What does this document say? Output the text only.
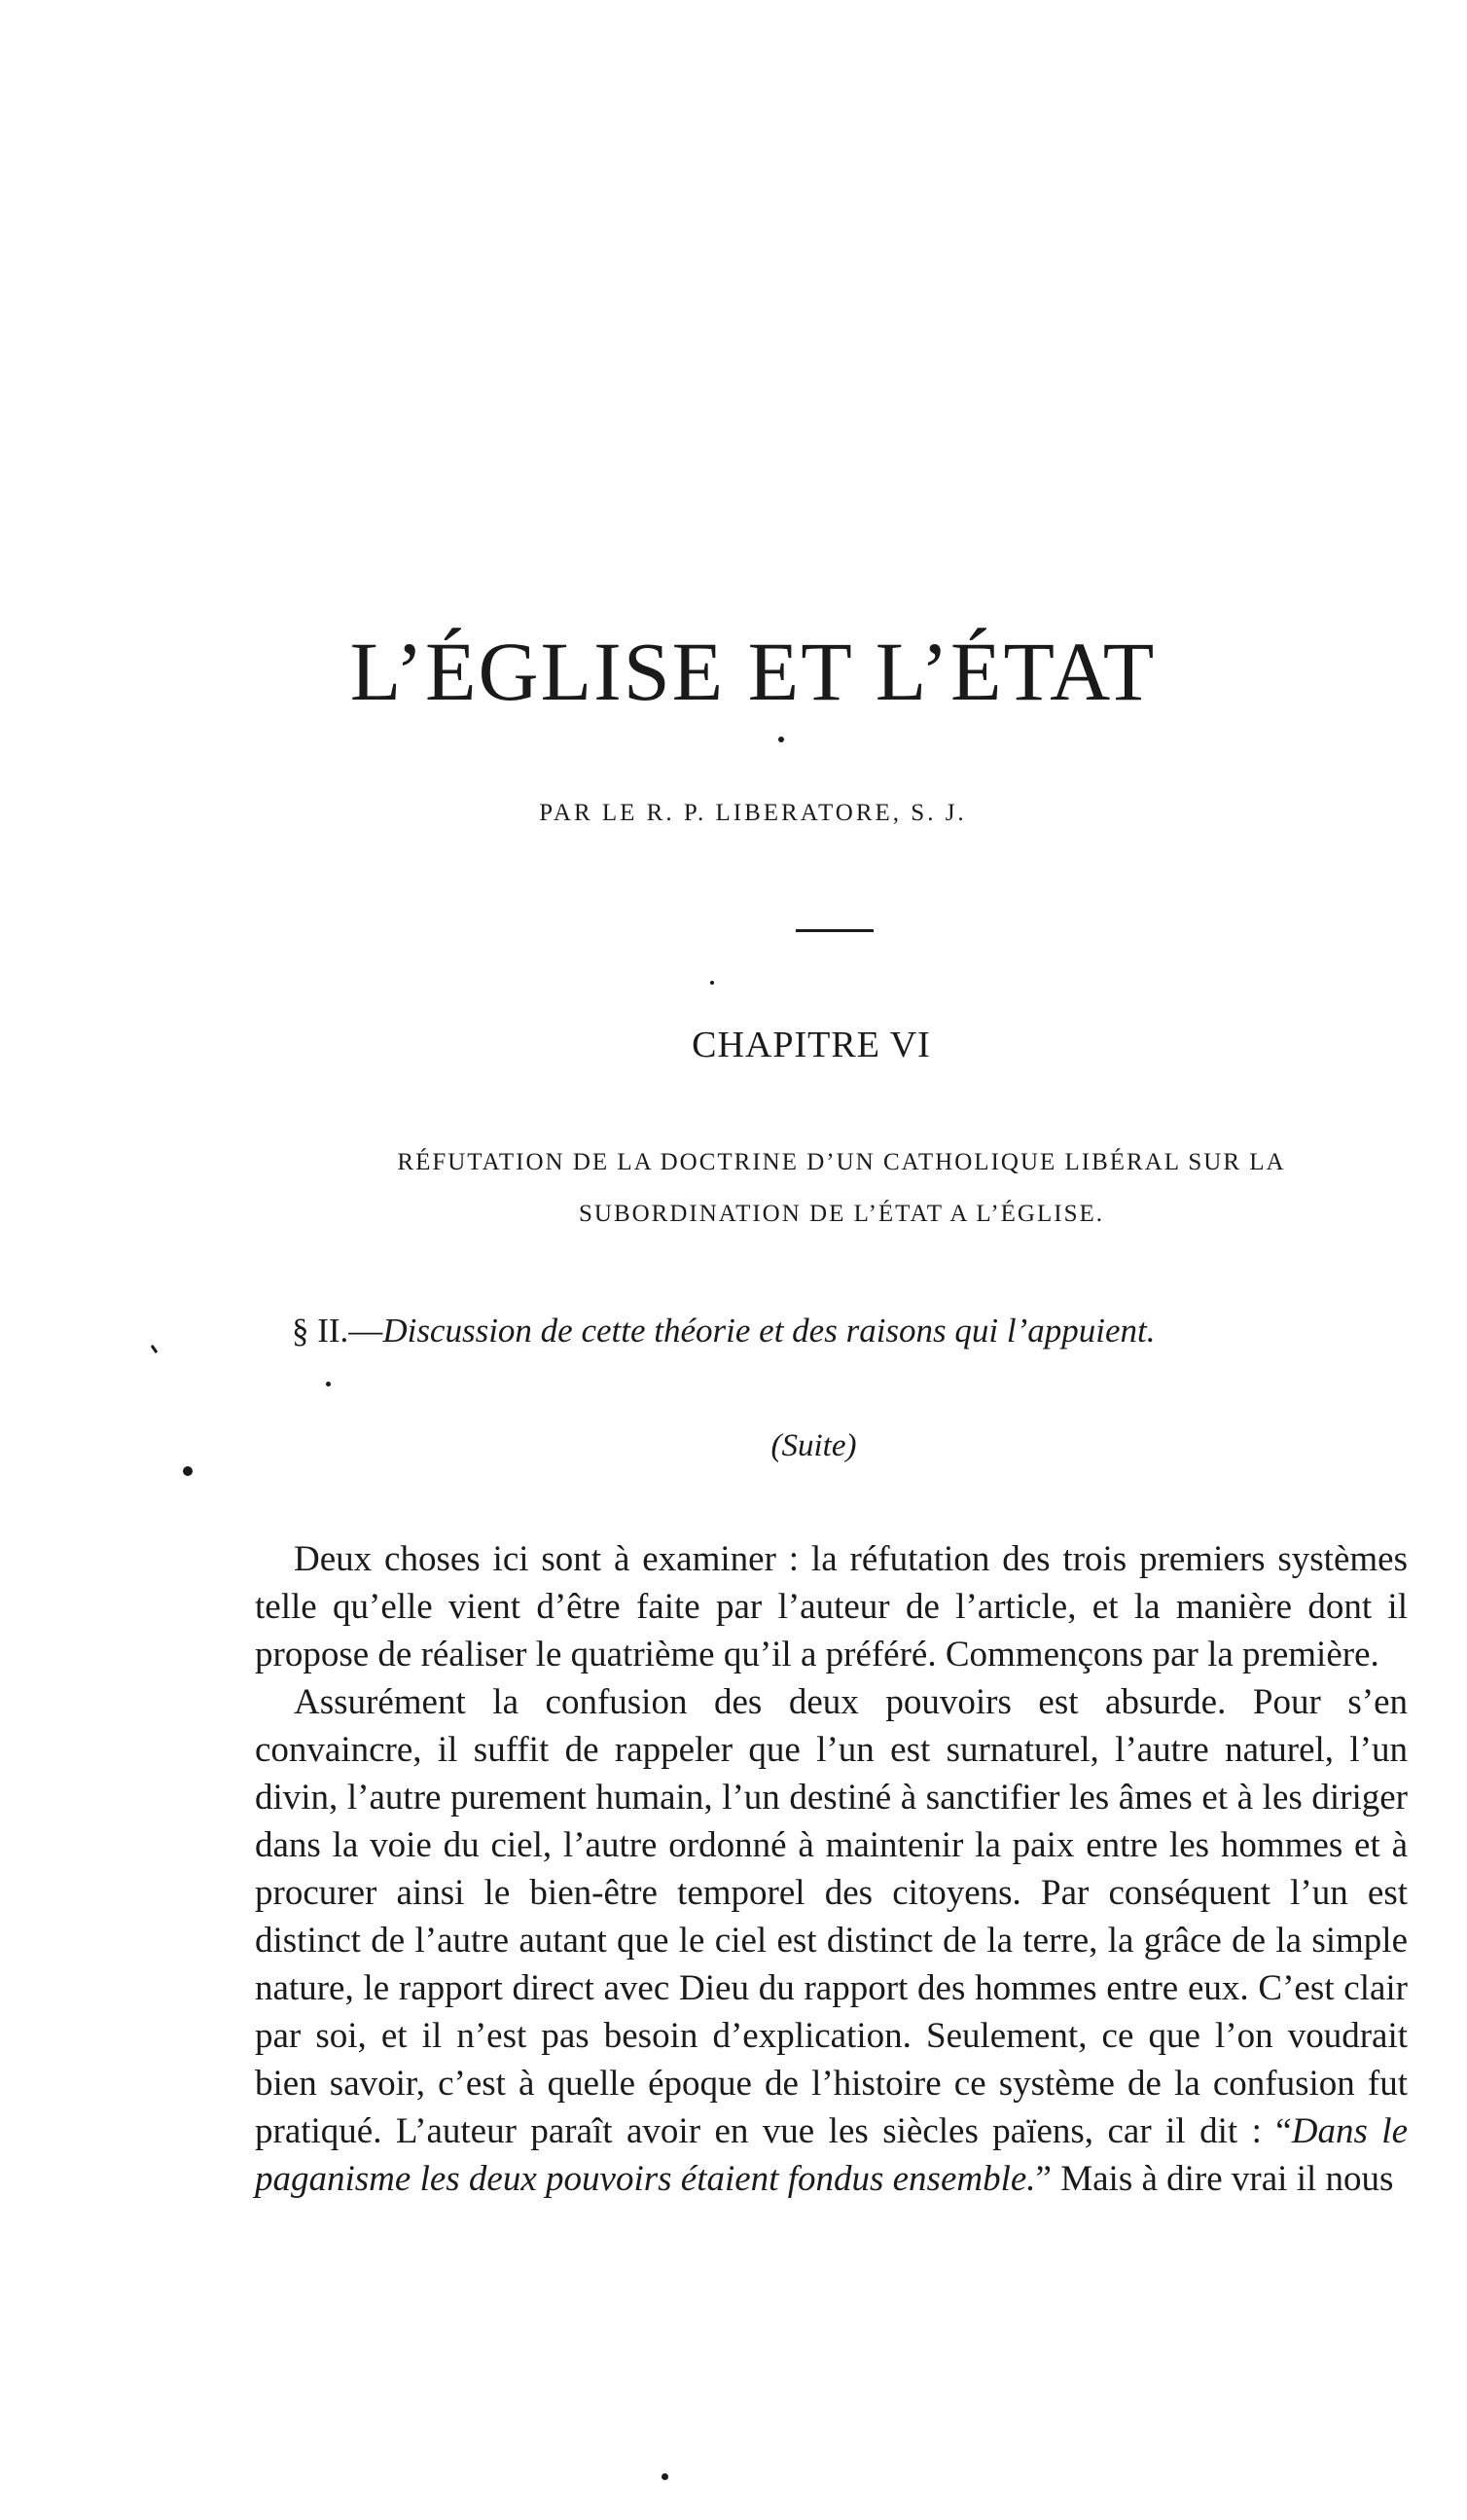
L’ÉGLISE ET L’ÉTAT
PAR LE R. P. LIBERATORE, S. J.
CHAPITRE VI
RÉFUTATION DE LA DOCTRINE D’UN CATHOLIQUE LIBÉRAL SUR LA
SUBORDINATION DE L’ÉTAT A L’ÉGLISE.
§ II.—Discussion de cette théorie et des raisons qui l’appuient.
(Suite)

Deux choses ici sont à examiner : la réfutation des trois premiers systèmes telle qu’elle vient d’être faite par l’auteur de l’article, et la manière dont il propose de réaliser le quatrième qu’il a préféré. Commençons par la première.

Assurément la confusion des deux pouvoirs est absurde. Pour s’en convaincre, il suffit de rappeler que l’un est surnaturel, l’autre naturel, l’un divin, l’autre purement humain, l’un destiné à sanctifier les âmes et à les diriger dans la voie du ciel, l’autre ordonné à maintenir la paix entre les hommes et à procurer ainsi le bien-être temporel des citoyens. Par conséquent l’un est distinct de l’autre autant que le ciel est distinct de la terre, la grâce de la simple nature, le rapport direct avec Dieu du rapport des hommes entre eux. C’est clair par soi, et il n’est pas besoin d’explication. Seulement, ce que l’on voudrait bien savoir, c’est à quelle époque de l’histoire ce système de la confusion fut pratiqué. L’auteur paraît avoir en vue les siècles païens, car il dit : “Dans le paganisme les deux pouvoirs étaient fondus ensemble.” Mais à dire vrai il nous
